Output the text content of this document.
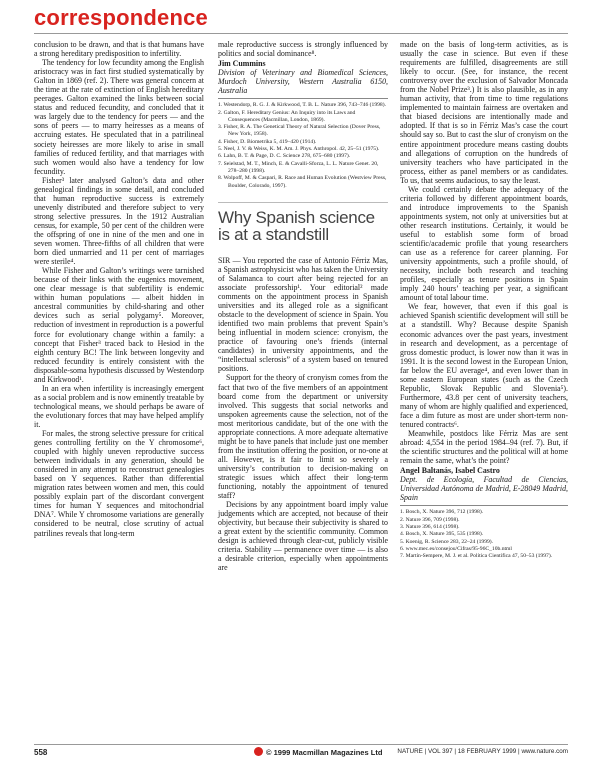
correspondence

conclusion to be drawn, and that is that humans have a strong hereditary predisposition to infertility.

The tendency for low fecundity among the English aristocracy was in fact first studied systematically by Galton in 1869 (ref. 2). There was general concern at the time at the rate of extinction of English hereditary peerages. Galton examined the links between social status and reduced fecundity, and concluded that it was largely due to the tendency for peers — and the sons of peers — to marry heiresses as a means of accruing estates. He speculated that in a patrilineal society heiresses are more likely to arise in small families of reduced fertility, and that marriages with such women would also have a tendency for low fecundity.

Fisher³ later analysed Galton’s data and other genealogical findings in some detail, and concluded that human reproductive success is extremely unevenly distributed and therefore subject to very strong selective pressures. In the 1912 Australian census, for example, 50 per cent of the children were the offspring of one in nine of the men and one in seven women. Three-fifths of all children that were born died unmarried and 11 per cent of marriages were sterile⁴.

While Fisher and Galton’s writings were tarnished because of their links with the eugenics movement, one clear message is that subfertility is endemic within human populations — albeit hidden in ancestral communities by child-sharing and other devices such as serial polygamy⁵. Moreover, reduction of investment in reproduction is a powerful force for evolutionary change within a family: a concept that Fisher³ traced back to Hesiod in the eighth century BC! The link between longevity and reduced fecundity is entirely consistent with the disposable-soma hypothesis discussed by Westendorp and Kirkwood¹.

In an era when infertility is increasingly emergent as a social problem and is now eminently treatable by technological means, we should perhaps be aware of the evolutionary forces that may have helped amplify it.

For males, the strong selective pressure for critical genes controlling fertility on the Y chromosome⁶, coupled with highly uneven reproductive success between individuals in any generation, should be considered in any attempt to reconstruct genealogies based on Y sequences. Rather than differential migration rates between women and men, this could possibly explain part of the discordant convergent times for human Y sequences and mitochondrial DNA⁷. While Y chromosome variations are generally considered to be neutral, close scrutiny of actual patrilines reveals that long-term

male reproductive success is strongly influenced by politics and social dominance⁸.

Jim Cummins
Division of Veterinary and Biomedical Sciences, Murdoch University, Western Australia 6150, Australia
1. Westendorp, R. G. J. & Kirkwood, T. B. L. Nature 396, 743–746 (1998).
2. Galton, F. Hereditary Genius: An Inquiry into its Laws and Consequences (Macmillan, London, 1869).
3. Fisher, R. A. The Genetical Theory of Natural Selection (Dover Press, New York, 1958).
4. Fisher, D. Biometrika 5, 419–420 (1914).
5. Neel, J. V. & Weiss, K. M. Am. J. Phys. Anthropol. 42, 25–51 (1975).
6. Lahn, B. T. & Page, D. C. Science 278, 675–680 (1997).
7. Seielstad, M. T., Minch, E. & Cavalli-Sforza, L. L. Nature Genet. 20, 278–280 (1998).
8. Wolpoff, M. & Caspari, R. Race and Human Evolution (Westview Press, Boulder, Colorado, 1997).
Why Spanish science is at a standstill

SIR — You reported the case of Antonio Férriz Mas, a Spanish astrophysicist who has taken the University of Salamanca to court after being rejected for an associate professorship¹. Your editorial² made comments on the appointment process in Spanish universities and its alleged role as a significant obstacle to the development of science in Spain. You identified two main problems that prevent Spain’s being influential in modern science: cronyism, the practice of favouring one’s friends (internal candidates) in university appointments, and the “intellectual sclerosis” of a system based on tenured positions.

Support for the theory of cronyism comes from the fact that two of the five members of an appointment board come from the department or university involved. This suggests that social networks and unspoken agreements cause the selection, not of the most meritorious candidate, but of the one with the appropriate connections. A more adequate alternative might be to have panels that include just one member from the institution offering the position, or no-one at all. However, is it fair to limit so severely a university’s contribution to decision-making on strategic issues which affect their long-term functioning, notably the appointment of tenured staff?

Decisions by any appointment board imply value judgements which are accepted, not because of their objectivity, but because their subjectivity is shared to a great extent by the scientific community. Common design is achieved through clear-cut, publicly visible criteria. Stability — permanence over time — is also a desirable criterion, especially when appointments are

made on the basis of long-term activities, as is usually the case in science. But even if these requirements are fulfilled, disagreements are still likely to occur. (See, for instance, the recent controversy over the exclusion of Salvador Moncada from the Nobel Prize³.) It is also plausible, as in any human activity, that from time to time regulations implemented to maintain fairness are overtaken and that biased decisions are intentionally made and adopted. If that is so in Férriz Mas’s case the court should say so. But to cast the slur of cronyism on the entire appointment procedure means casting doubts and allegations of corruption on the hundreds of university teachers who have participated in the process, either as panel members or as candidates. To us, that seems audacious, to say the least.

We could certainly debate the adequacy of the criteria followed by different appointment boards, and introduce improvements to the Spanish appointments system, not only at universities but at other research institutions. Certainly, it would be useful to establish some form of broad scientific/academic profile that young researchers can use as a reference for career planning. For university appointments, such a profile should, of necessity, include both research and teaching profiles, especially as tenure positions in Spain imply 240 hours’ teaching per year, a significant amount of total labour time.

We fear, however, that even if this goal is achieved Spanish scientific development will still be at a standstill. Why? Because despite Spanish economic advances over the past years, investment in research and development, as a percentage of gross domestic product, is lower now than it was in 1991. It is the second lowest in the European Union, far below the EU average⁴, and even lower than in some eastern European states (such as the Czech Republic, Slovak Republic and Slovenia⁵). Furthermore, 43.8 per cent of university teachers, many of whom are highly qualified and experienced, face a dim future as most are under short-term non-tenured contracts⁶.

Meanwhile, postdocs like Férriz Mas are sent abroad: 4,554 in the period 1984–94 (ref. 7). But, if the scientific structures and the political will at home remain the same, what’s the point?

Angel Baltanás, Isabel Castro
Dept. de Ecología, Facultad de Ciencias, Universidad Autónoma de Madrid, E-28049 Madrid, Spain
1. Bosch, X. Nature 396, 712 (1998).
2. Nature 396, 709 (1998).
3. Nature 396, 614 (1998).
4. Bosch, X. Nature 395, 535 (1998).
5. Koenig, R. Science 283, 22–24 (1999).
6. www.mec.es/consejou/Cifras/95-96C_10b.ntml
7. Martín-Sempere, M. J. et al. Política Científica 47, 50–53 (1997).
558	© 1999 Macmillan Magazines Ltd NATURE | VOL 397 | 18 FEBRUARY 1999 | www.nature.com
